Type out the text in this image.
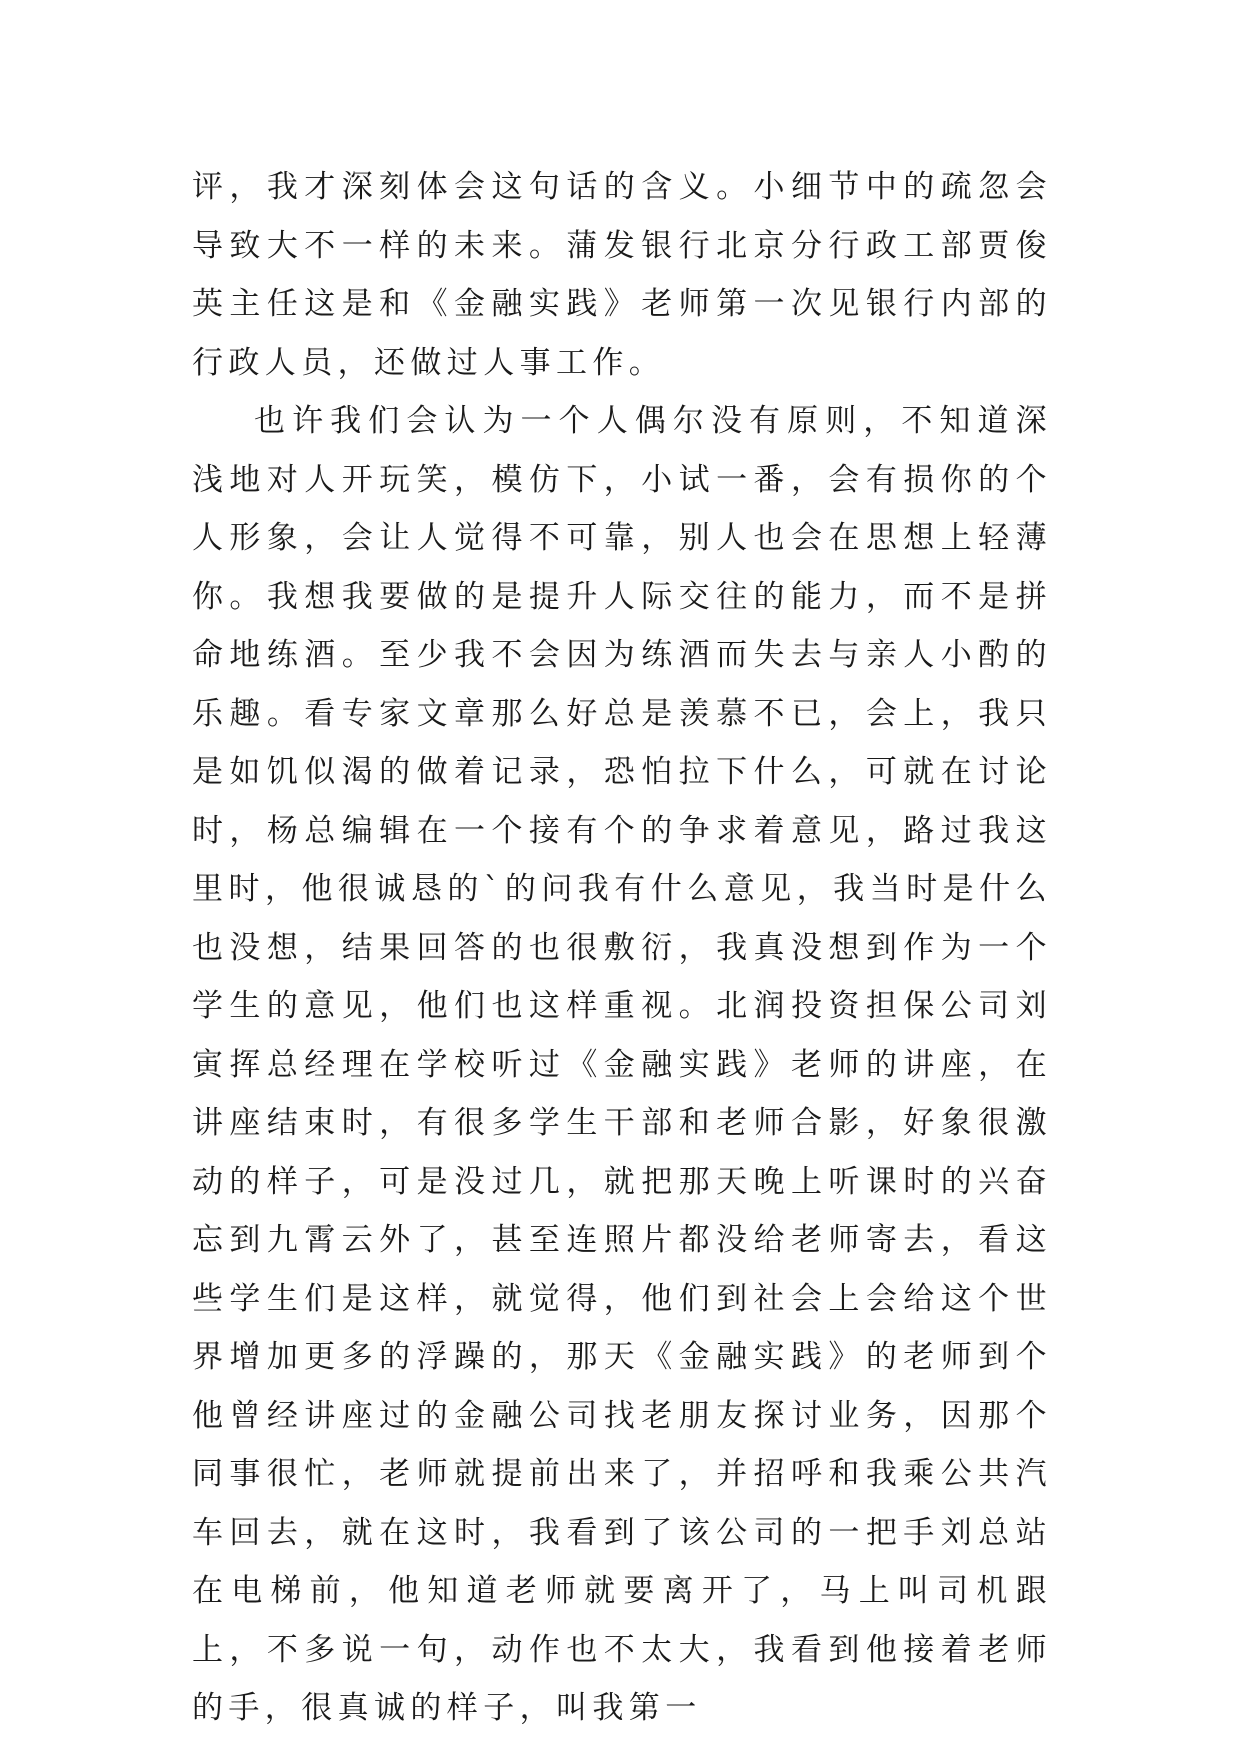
评，我才深刻体会这句话的含义。小细节中的疏忽会导致大不一样的未来。蒲发银行北京分行政工部贾俊英主任这是和《金融实践》老师第一次见银行内部的行政人员，还做过人事工作。

也许我们会认为一个人偶尔没有原则，不知道深浅地对人开玩笑，模仿下，小试一番，会有损你的个人形象，会让人觉得不可靠，别人也会在思想上轻薄你。我想我要做的是提升人际交往的能力，而不是拼命地练酒。至少我不会因为练酒而失去与亲人小酌的乐趣。看专家文章那么好总是羡慕不已，会上，我只是如饥似渴的做着记录，恐怕拉下什么，可就在讨论时，杨总编辑在一个接有个的争求着意见，路过我这里时，他很诚恳的`的问我有什么意见，我当时是什么也没想，结果回答的也很敷衍，我真没想到作为一个学生的意见，他们也这样重视。北润投资担保公司刘寅挥总经理在学校听过《金融实践》老师的讲座，在讲座结束时，有很多学生干部和老师合影，好象很激动的样子，可是没过几，就把那天晚上听课时的兴奋忘到九霄云外了，甚至连照片都没给老师寄去，看这些学生们是这样，就觉得，他们到社会上会给这个世界增加更多的浮躁的，那天《金融实践》的老师到个他曾经讲座过的金融公司找老朋友探讨业务，因那个同事很忙，老师就提前出来了，并招呼和我乘公共汽车回去，就在这时，我看到了该公司的一把手刘总站在电梯前，他知道老师就要离开了，马上叫司机跟上，不多说一句，动作也不太大，我看到他接着老师的手，很真诚的样子，叫我第一
